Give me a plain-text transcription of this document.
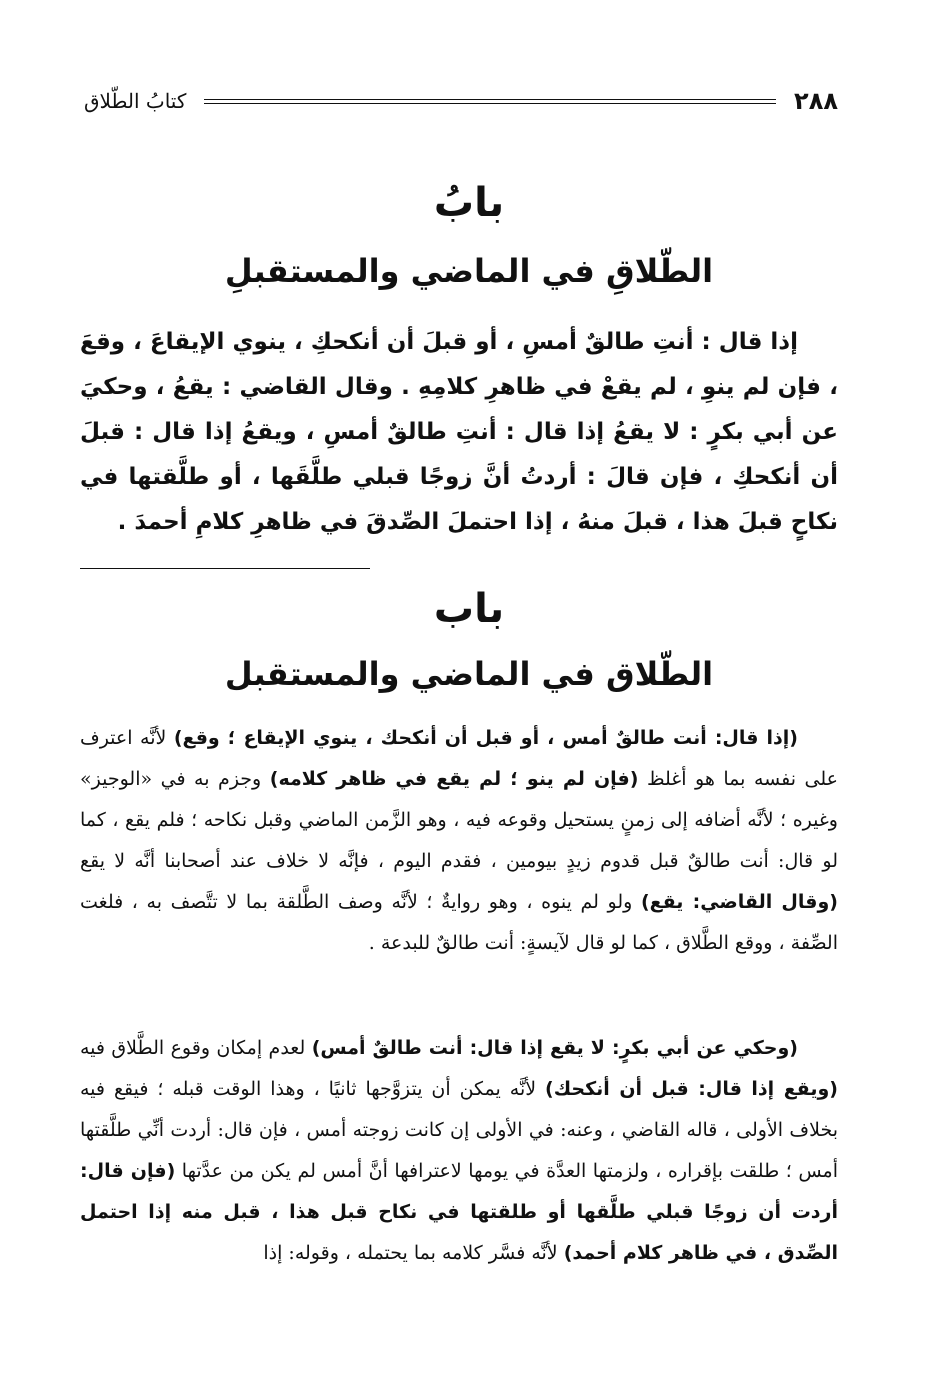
٢٨٨
كتابُ الطّلاق
بابُ
الطّلاقِ في الماضي والمستقبلِ

إذا قال : أنتِ طالقٌ أمسِ ، أو قبلَ أن أنكحكِ ، ينوي الإيقاعَ ، وقعَ ، فإن لم ينوِ ، لم يقعْ في ظاهرِ كلامِهِ . وقال القاضي : يقعُ ، وحكيَ عن أبي بكرٍ : لا يقعُ إذا قال : أنتِ طالقٌ أمسِ ، ويقعُ إذا قال : قبلَ أن أنكحكِ ، فإن قالَ : أردتُ أنَّ زوجًا قبلي طلَّقَها ، أو طلَّقتها في نكاحٍ قبلَ هذا ، قبلَ منهُ ، إذا احتملَ الصِّدقَ في ظاهرِ كلامِ أحمدَ .

باب
الطّلاق في الماضي والمستقبل

(إذا قال: أنت طالقٌ أمس ، أو قبل أن أنكحك ، ينوي الإيقاع ؛ وقع) لأنَّه اعترف على نفسه بما هو أغلظ (فإن لم ينو ؛ لم يقع في ظاهر كلامه) وجزم به في «الوجيز» وغيره ؛ لأنَّه أضافه إلى زمنٍ يستحيل وقوعه فيه ، وهو الزَّمن الماضي وقبل نكاحه ؛ فلم يقع ، كما لو قال: أنت طالقٌ قبل قدوم زيدٍ بيومين ، فقدم اليوم ، فإنَّه لا خلاف عند أصحابنا أنَّه لا يقع (وقال القاضي: يقع) ولو لم ينوه ، وهو روايةٌ ؛ لأنَّه وصف الطَّلقة بما لا تتَّصف به ، فلغت الصِّفة ، ووقع الطَّلاق ، كما لو قال لآيسةٍ: أنت طالقٌ للبدعة .

(وحكي عن أبي بكرٍ: لا يقع إذا قال: أنت طالقٌ أمس) لعدم إمكان وقوع الطَّلاق فيه (ويقع إذا قال: قبل أن أنكحك) لأنَّه يمكن أن يتزوَّجها ثانيًا ، وهذا الوقت قبله ؛ فيقع فيه بخلاف الأولى ، قاله القاضي ، وعنه: في الأولى إن كانت زوجته أمس ، فإن قال: أردت أنِّي طلَّقتها أمس ؛ طلقت بإقراره ، ولزمتها العدَّة في يومها لاعترافها أنَّ أمس لم يكن من عدَّتها (فإن قال: أردت أن زوجًا قبلي طلَّقها أو طلقتها في نكاح قبل هذا ، قبل منه إذا احتمل الصِّدق ، في ظاهر كلام أحمد) لأنَّه فسَّر كلامه بما يحتمله ، وقوله: إذا
